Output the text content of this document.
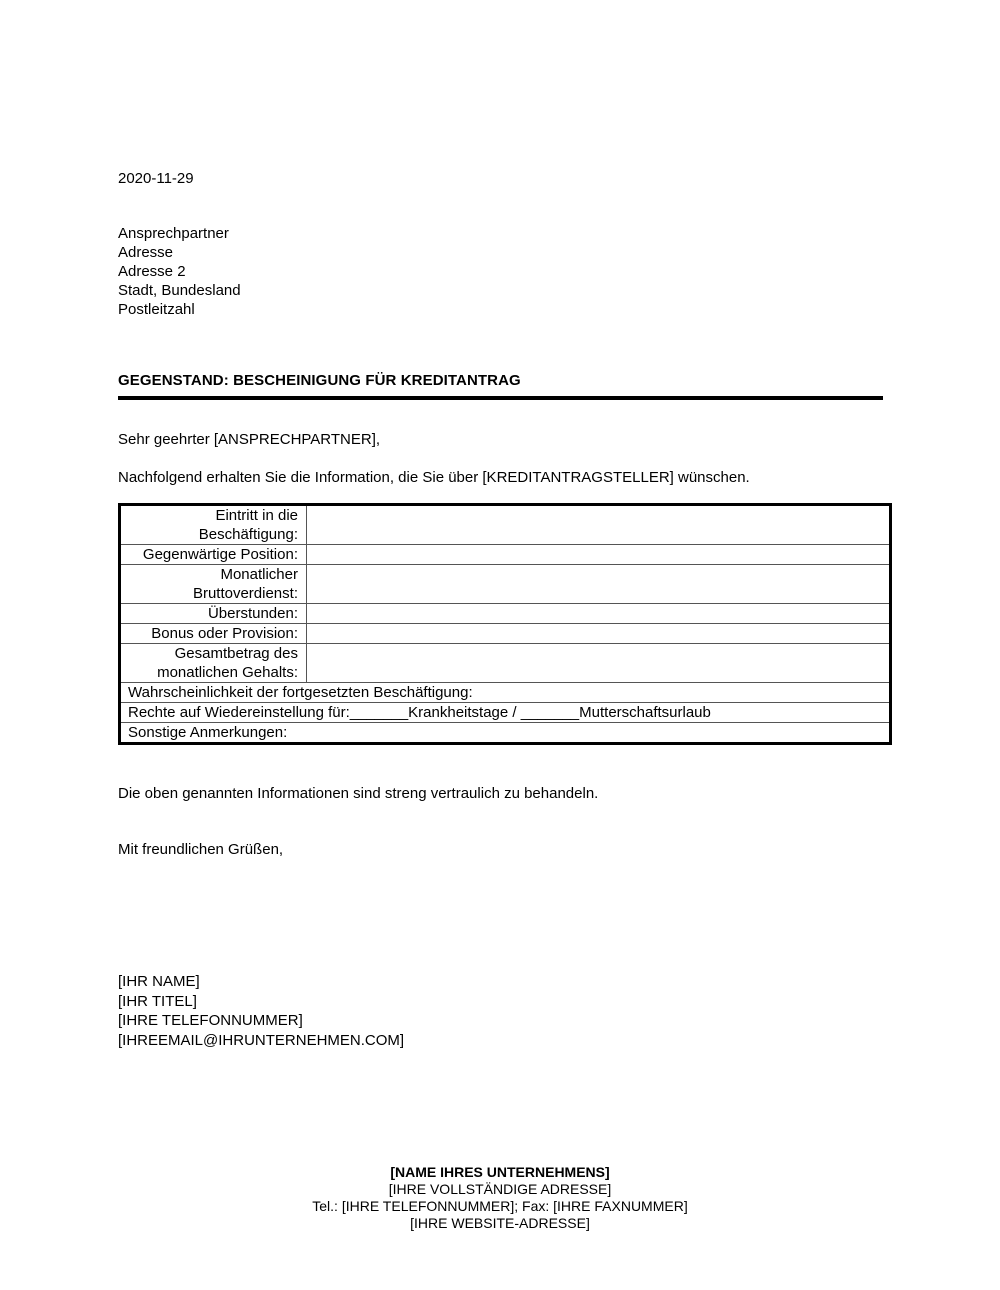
2020-11-29
Ansprechpartner
Adresse
Adresse 2
Stadt, Bundesland
Postleitzahl
GEGENSTAND: BESCHEINIGUNG FÜR KREDITANTRAG
Sehr geehrter [ANSPRECHPARTNER],
Nachfolgend erhalten Sie die Information, die Sie über [KREDITANTRAGSTELLER] wünschen.
Eintritt in die Beschäftigung:	
Gegenwärtige Position:	
Monatlicher Bruttoverdienst:	
Überstunden:	
Bonus oder Provision:	
Gesamtbetrag des monatlichen Gehalts:	
Wahrscheinlichkeit der fortgesetzten Beschäftigung:	
Rechte auf Wiedereinstellung für:_______Krankheitstage / _______Mutterschaftsurlaub	
Sonstige Anmerkungen:	
Die oben genannten Informationen sind streng vertraulich zu behandeln.
Mit freundlichen Grüßen,
[IHR NAME]
[IHR TITEL]
[IHRE TELEFONNUMMER]
[IHREEMAIL@IHRUNTERNEHMEN.COM]
[NAME IHRES UNTERNEHMENS]
[IHRE VOLLSTÄNDIGE ADRESSE]
Tel.: [IHRE TELEFONNUMMER]; Fax: [IHRE FAXNUMMER]
[IHRE WEBSITE-ADRESSE]
